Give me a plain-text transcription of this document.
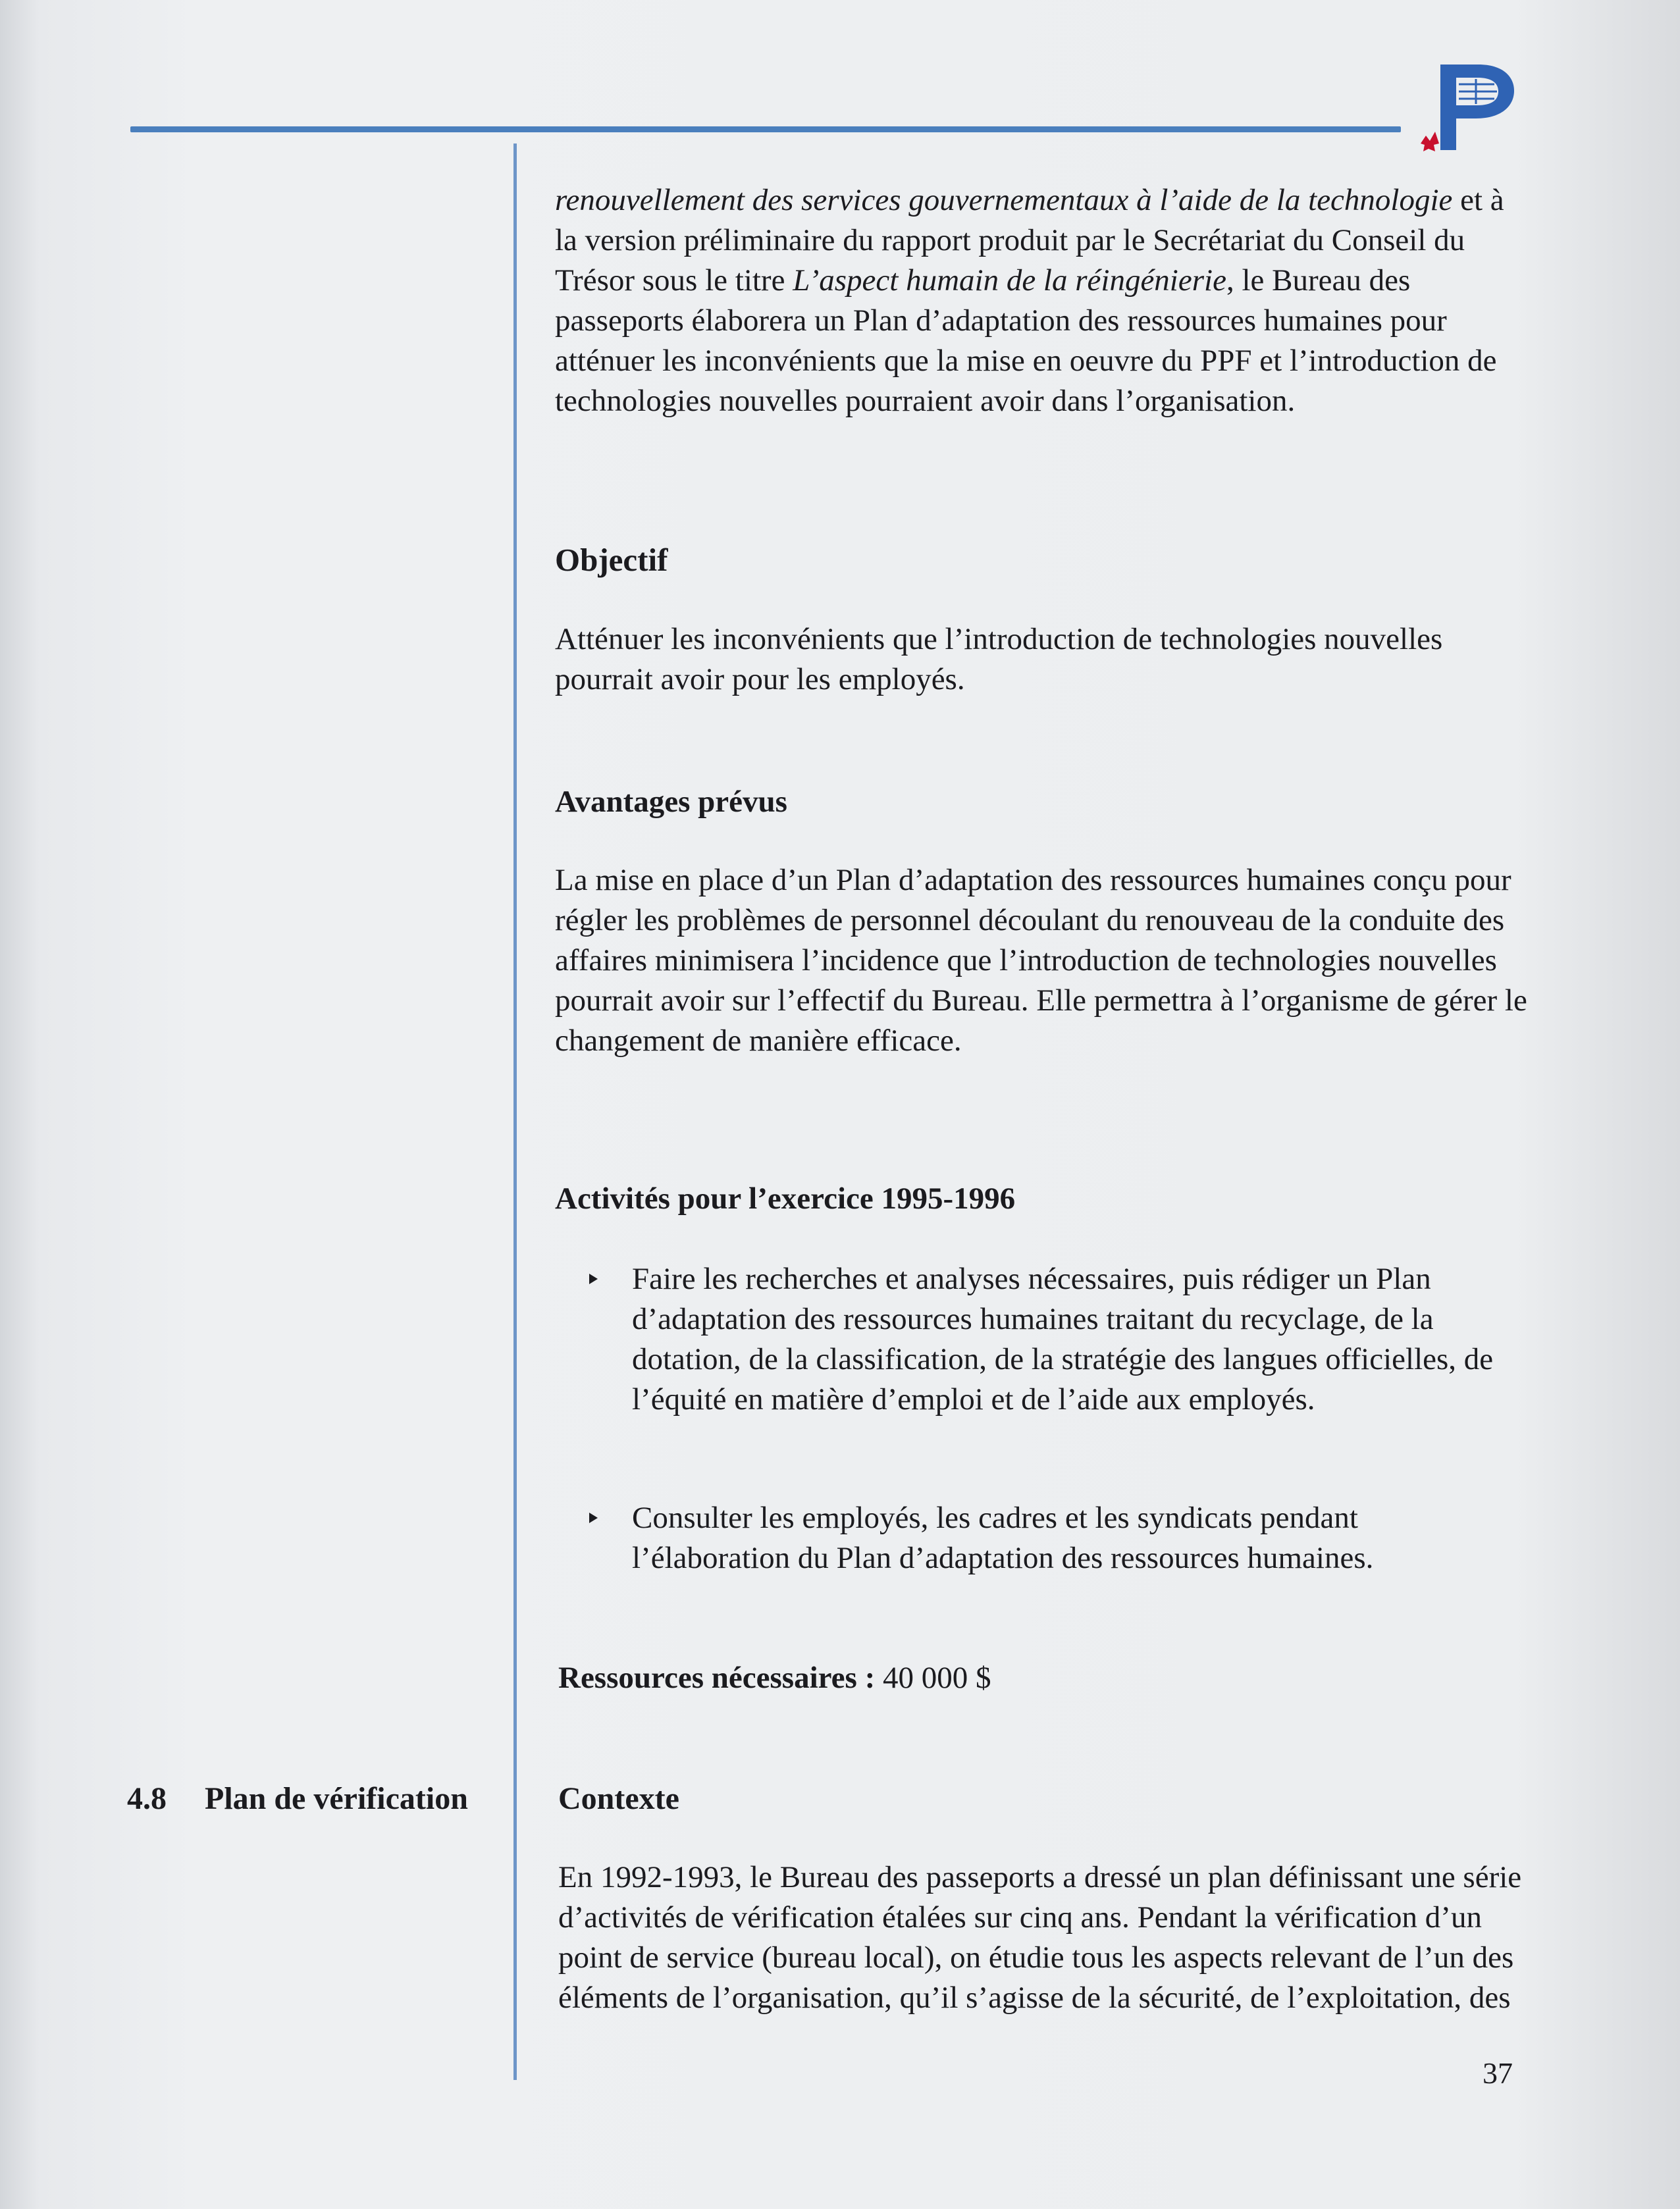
renouvellement des services gouvernementaux à l’aide de la technologie et à la version préliminaire du rapport produit par le Secrétariat du Conseil du Trésor sous le titre L’aspect humain de la réingénierie, le Bureau des passeports élaborera un Plan d’adaptation des ressources humaines pour atténuer les inconvénients que la mise en oeuvre du PPF et l’introduction de technologies nouvelles pourraient avoir dans l’organisation.

Objectif
Atténuer les inconvénients que l’introduction de technologies nouvelles pourrait avoir pour les employés.
Avantages prévus
La mise en place d’un Plan d’adaptation des ressources humaines conçu pour régler les problèmes de personnel découlant du renouveau de la conduite des affaires minimisera l’incidence que l’introduction de technologies nouvelles pourrait avoir sur l’effectif du Bureau. Elle permettra à l’organisme de gérer le changement de manière efficace.
Activités pour l’exercice 1995-1996
Faire les recherches et analyses nécessaires, puis rédiger un Plan d’adaptation des ressources humaines traitant du recyclage, de la dotation, de la classification, de la stratégie des langues officielles, de l’équité en matière d’emploi et de l’aide aux employés.
Consulter les employés, les cadres et les syndicats pendant l’élaboration du Plan d’adaptation des ressources humaines.
Ressources nécessaires : 40 000 $
4.8 Plan de vérification	Contexte
En 1992-1993, le Bureau des passeports a dressé un plan définissant une série d’activités de vérification étalées sur cinq ans. Pendant la vérification d’un point de service (bureau local), on étudie tous les aspects relevant de l’un des éléments de l’organisation, qu’il s’agisse de la sécurité, de l’exploitation, des
37
